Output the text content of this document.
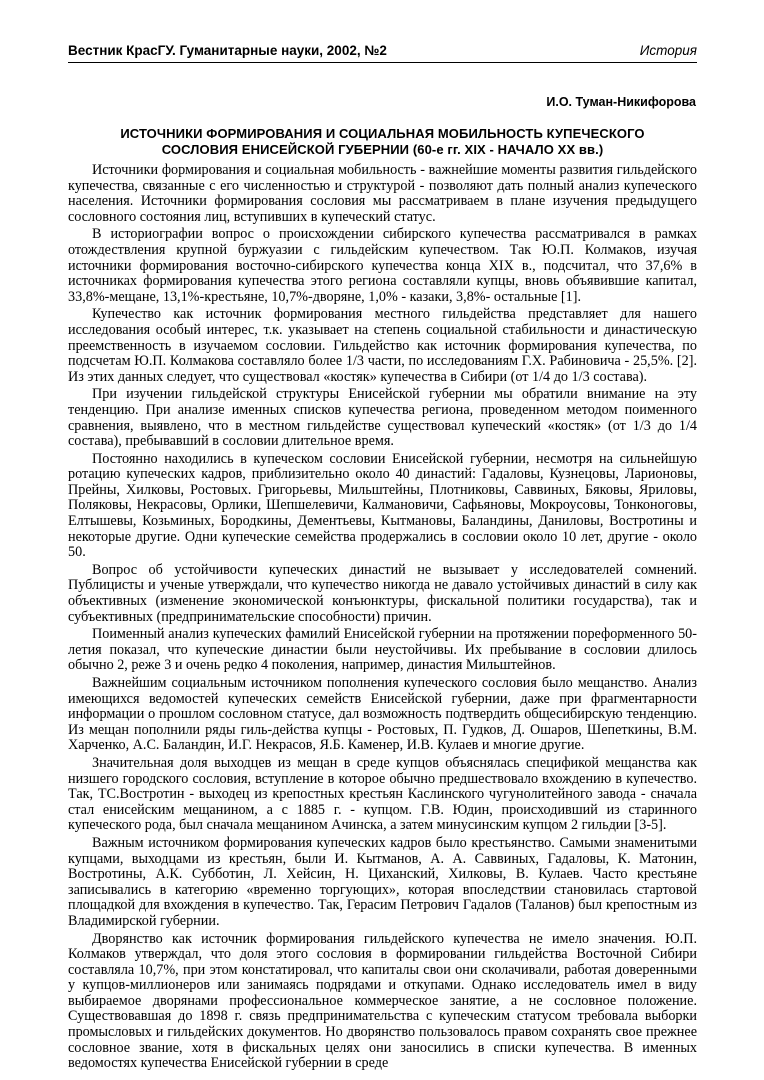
Вестник КрасГУ. Гуманитарные науки, 2002, №2	История
И.О. Туман-Никифорова
ИСТОЧНИКИ ФОРМИРОВАНИЯ И СОЦИАЛЬНАЯ МОБИЛЬНОСТЬ КУПЕЧЕСКОГО
СОСЛОВИЯ ЕНИСЕЙСКОЙ ГУБЕРНИИ (60-е гг. XIX - НАЧАЛО XX вв.)

Источники формирования и социальная мобильность - важнейшие моменты развития гильдейского купечества, связанные с его численностью и структурой - позволяют дать полный анализ купеческого населения. Источники формирования сословия мы рассматриваем в плане изучения предыдущего сословного состояния лиц, вступивших в купеческий статус.

В историографии вопрос о происхождении сибирского купечества рассматривался в рамках отождествления крупной буржуазии с гильдейским купечеством. Так Ю.П. Колмаков, изучая источники формирования восточно-сибирского купечества конца XIX в., подсчитал, что 37,6% в источниках формирования купечества этого региона составляли купцы, вновь объявившие капитал, 33,8%-мещане, 13,1%-крестьяне, 10,7%-дворяне, 1,0% - казаки, 3,8%- остальные [1].

Купечество как источник формирования местного гильдейства представляет для нашего исследования особый интерес, т.к. указывает на степень социальной стабильности и династическую преемственность в изучаемом сословии. Гильдейство как источник формирования купечества, по подсчетам Ю.П. Колмакова составляло более 1/3 части, по исследованиям Г.Х. Рабиновича - 25,5%. [2]. Из этих данных следует, что существовал «костяк» купечества в Сибири (от 1/4 до 1/3 состава).

При изучении гильдейской структуры Енисейской губернии мы обратили внимание на эту тенденцию. При анализе именных списков купечества региона, проведенном методом поименного сравнения, выявлено, что в местном гильдействе существовал купеческий «костяк» (от 1/3 до 1/4 состава), пребывавший в сословии длительное время.

Постоянно находились в купеческом сословии Енисейской губернии, несмотря на сильнейшую ротацию купеческих кадров, приблизительно около 40 династий: Гадаловы, Кузнецовы, Ларионовы, Прейны, Хилковы, Ростовых. Григорьевы, Мильштейны, Плотниковы, Саввиных, Бяковы, Яриловы, Поляковы, Некрасовы, Орлики, Шепшелевичи, Калмановичи, Сафьяновы, Мокроусовы, Тонконоговы, Елтышевы, Козьминых, Бородкины, Дементьевы, Кытмановы, Баландины, Даниловы, Востротины и некоторые другие. Одни купеческие семейства продержались в сословии около 10 лет, другие - около 50.

Вопрос об устойчивости купеческих династий не вызывает у исследователей сомнений. Публицисты и ученые утверждали, что купечество никогда не давало устойчивых династий в силу как объективных (изменение экономической конъюнктуры, фискальной политики государства), так и субъективных (предпринимательские способности) причин.

Поименный анализ купеческих фамилий Енисейской губернии на протяжении пореформенного 50-летия показал, что купеческие династии были неустойчивы. Их пребывание в сословии длилось обычно 2, реже 3 и очень редко 4 поколения, например, династия Мильштейнов.

Важнейшим социальным источником пополнения купеческого сословия было мещанство. Анализ имеющихся ведомостей купеческих семейств Енисейской губернии, даже при фрагментарности информации о прошлом сословном статусе, дал возможность подтвердить общесибирскую тенденцию. Из мещан пополнили ряды гиль-действа купцы - Ростовых, П. Гудков, Д. Ошаров, Шепеткины, В.М. Харченко, А.С. Баландин, И.Г. Некрасов, Я.Б. Каменер, И.В. Кулаев и многие другие.

Значительная доля выходцев из мещан в среде купцов объяснялась спецификой мещанства как низшего городского сословия, вступление в которое обычно предшествовало вхождению в купечество. Так, ТС.Востротин - выходец из крепостных крестьян Каслинского чугунолитейного завода - сначала стал енисейским мещанином, а с 1885 г. - купцом. Г.В. Юдин, происходивший из старинного купеческого рода, был сначала мещанином Ачинска, а затем минусинским купцом 2 гильдии [3-5].

Важным источником формирования купеческих кадров было крестьянство. Самыми знаменитыми купцами, выходцами из крестьян, были И. Кытманов, А. А. Саввиных, Гадаловы, К. Матонин, Востротины, А.К. Субботин, Л. Хейсин, Н. Циханский, Хилковы, В. Кулаев. Часто крестьяне записывались в категорию «временно торгующих», которая впоследствии становилась стартовой площадкой для вхождения в купечество. Так, Герасим Петрович Гадалов (Таланов) был крепостным из Владимирской губернии.

Дворянство как источник формирования гильдейского купечества не имело значения. Ю.П. Колмаков утверждал, что доля этого сословия в формировании гильдейства Восточной Сибири составляла 10,7%, при этом констатировал, что капиталы свои они сколачивали, работая доверенными у купцов-миллионеров или занимаясь подрядами и откупами. Однако исследователь имел в виду выбираемое дворянами профессиональное коммерческое занятие, а не сословное положение. Существовавшая до 1898 г. связь предпринимательства с купеческим статусом требовала выборки промысловых и гильдейских документов. Но дворянство пользовалось правом сохранять свое прежнее сословное звание, хотя в фискальных целях они заносились в списки купечества. В именных ведомостях купечества Енисейской губернии в среде
